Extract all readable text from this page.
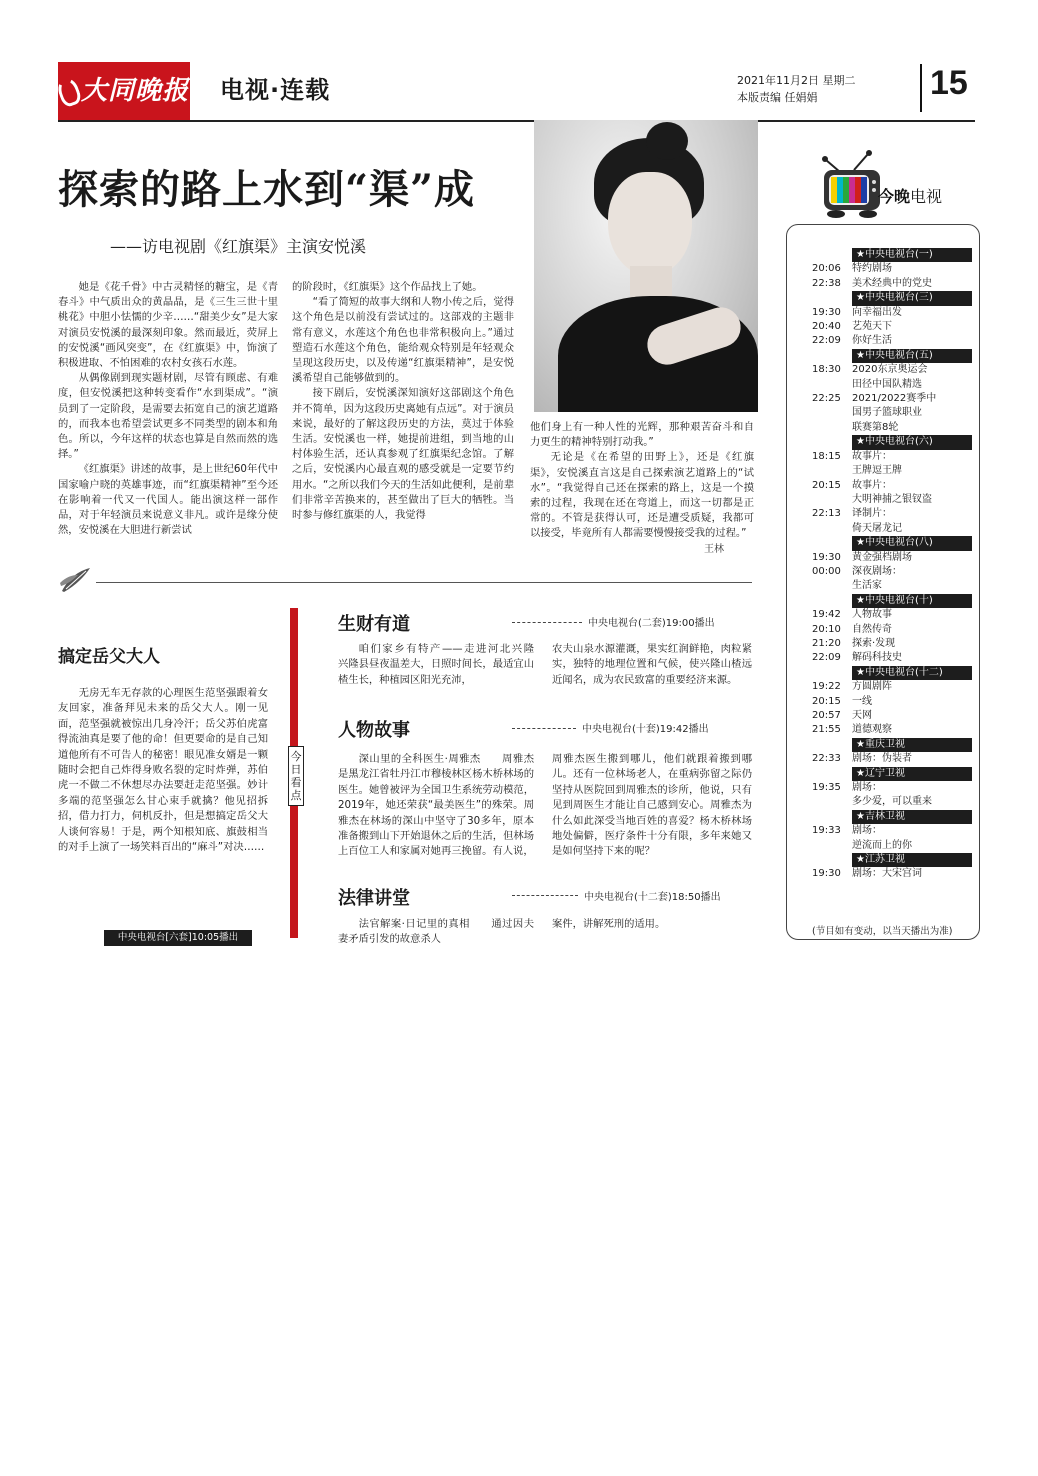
大同晚报 电视·连载	2021年11月2日 星期二
本版责编 任娟娟	15
探索的路上水到“渠”成
——访电视剧《红旗渠》主演安悦溪

她是《花千骨》中古灵精怪的糖宝，是《青春斗》中气质出众的黄晶晶，是《三生三世十里桃花》中胆小怯懦的少辛……“甜美少女”是大家对演员安悦溪的最深刻印象。然而最近，荧屏上的安悦溪“画风突变”，在《红旗渠》中，饰演了积极进取、不怕困难的农村女孩石水莲。

从偶像剧到现实题材剧，尽管有顾虑、有难度，但安悦溪把这种转变看作“水到渠成”。“演员到了一定阶段，是需要去拓宽自己的演艺道路的，而我本也希望尝试更多不同类型的剧本和角色。所以，今年这样的状态也算是自然而然的选择。”

《红旗渠》讲述的故事，是上世纪60年代中国家喻户晓的英雄事迹，而“红旗渠精神”至今还在影响着一代又一代国人。能出演这样一部作品，对于年轻演员来说意义非凡。或许是缘分使然，安悦溪在大胆进行新尝试

的阶段时，《红旗渠》这个作品找上了她。

“看了简短的故事大纲和人物小传之后，觉得这个角色是以前没有尝试过的。这部戏的主题非常有意义，水莲这个角色也非常积极向上。”通过塑造石水莲这个角色，能给观众特别是年轻观众呈现这段历史，以及传递“红旗渠精神”，是安悦溪希望自己能够做到的。

接下剧后，安悦溪深知演好这部剧这个角色并不简单，因为这段历史离她有点远”。对于演员来说，最好的了解这段历史的方法，莫过于体验生活。安悦溪也一样，她提前进组，到当地的山村体验生活，还认真参观了红旗渠纪念馆。了解之后，安悦溪内心最直观的感受就是一定要节约用水。“之所以我们今天的生活如此便利，是前辈们非常辛苦换来的，甚至做出了巨大的牺牲。当时参与修红旗渠的人，我觉得

他们身上有一种人性的光辉，那种艰苦奋斗和自力更生的精神特别打动我。”

无论是《在希望的田野上》，还是《红旗渠》，安悦溪直言这是自己探索演艺道路上的“试水”。“我觉得自己还在探索的路上，这是一个摸索的过程，我现在还在弯道上，而这一切都是正常的。不管是获得认可，还是遭受质疑，我都可以接受，毕竟所有人都需要慢慢接受我的过程。”

王林
搞定岳父大人

无房无车无存款的心理医生范坚强跟着女友回家，准备拜见未来的岳父大人。刚一见面，范坚强就被惊出几身冷汗；岳父苏伯虎富得流油真是要了他的命！但更要命的是自己知道他所有不可告人的秘密！眼见准女婿是一颗随时会把自己炸得身败名裂的定时炸弹，苏伯虎一不做二不休想尽办法要赶走范坚强。妙计多端的范坚强怎么甘心束手就擒？他见招拆招，借力打力，伺机反扑，但是想搞定岳父大人谈何容易！于是，两个知根知底、旗鼓相当的对手上演了一场笑料百出的“麻斗”对决……

中央电视台[六套]10:05播出
今日看点
生财有道	中央电视台(二套)19:00播出

咱们家乡有特产——走进河北兴隆　　兴隆县昼夜温差大，日照时间长，最适宜山楂生长，种植园区阳光充沛，

农夫山泉水源灌溉，果实红润鲜艳，肉粒紧实，独特的地理位置和气候，使兴隆山楂远近闻名，成为农民致富的重要经济来源。

人物故事	中央电视台(十套)19:42播出

深山里的全科医生·周雅杰　　周雅杰是黑龙江省牡丹江市穆棱林区杨木桥林场的医生。她曾被评为全国卫生系统劳动模范，2019年，她还荣获“最美医生”的殊荣。周雅杰在林场的深山中坚守了30多年，原本准备搬到山下开始退休之后的生活，但林场上百位工人和家属对她再三挽留。有人说，

周雅杰医生搬到哪儿，他们就跟着搬到哪儿。还有一位林场老人，在重病弥留之际仍坚持从医院回到周雅杰的诊所，他说，只有见到周医生才能让自己感到安心。周雅杰为什么如此深受当地百姓的喜爱？杨木桥林场地处偏僻，医疗条件十分有限，多年来她又是如何坚持下来的呢？

法律讲堂	中央电视台(十二套)18:50播出

法官解案·日记里的真相　　通过因夫妻矛盾引发的故意杀人

案件，讲解死刑的适用。

今晚电视
★中央电视台(一)
20:06	特约剧场
22:38	美术经典中的党史
★中央电视台(三)
19:30	向幸福出发
20:40	艺苑天下
22:09	你好生活
★中央电视台(五)
18:30	2020东京奥运会
田径中国队精选
22:25	2021/2022赛季中
国男子篮球职业
联赛第8轮
★中央电视台(六)
18:15	故事片：
王牌逗王牌
20:15	故事片：
大明神捕之银钗盗
22:13	译制片：
倚天屠龙记
★中央电视台(八)
19:30	黄金强档剧场
00:00	深夜剧场：
生活家
★中央电视台(十)
19:42	人物故事
20:10	自然传奇
21:20	探索·发现
22:09	解码科技史
★中央电视台(十二)
19:22	方圆剧阵
20:15	一线
20:57	天网
21:55	道德观察
★重庆卫视
22:33	剧场：伪装者
★辽宁卫视
19:35	剧场：
多少爱，可以重来
★吉林卫视
19:33	剧场：
逆流而上的你
★江苏卫视
19:30	剧场：大宋宫词
(节目如有变动，以当天播出为准)
